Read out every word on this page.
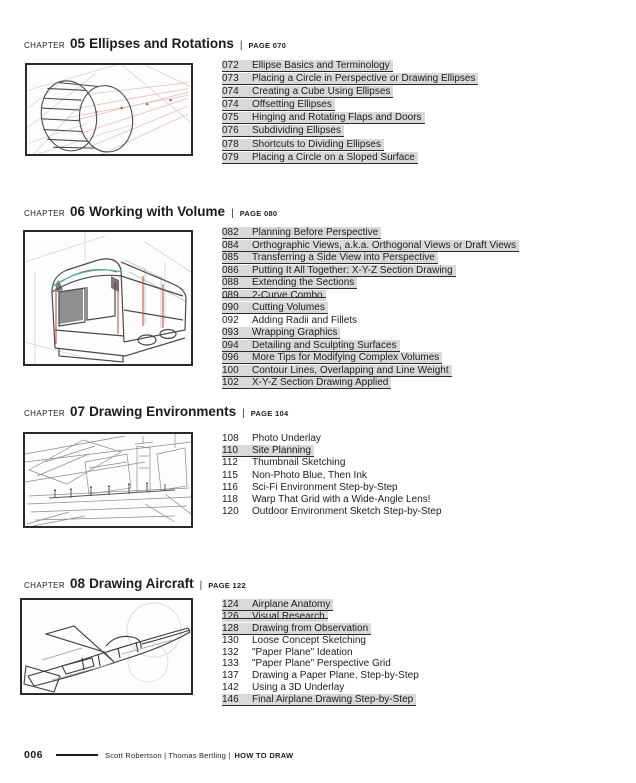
CHAPTER 05 Ellipses and Rotations | PAGE 070
072 Ellipse Basics and Terminology
073 Placing a Circle in Perspective or Drawing Ellipses
074 Creating a Cube Using Ellipses
074 Offsetting Ellipses
075 Hinging and Rotating Flaps and Doors
076 Subdividing Ellipses
078 Shortcuts to Dividing Ellipses
079 Placing a Circle on a Sloped Surface
CHAPTER 06 Working with Volume | PAGE 080
082 Planning Before Perspective
084 Orthographic Views, a.k.a. Orthogonal Views or Draft Views
085 Transferring a Side View into Perspective
086 Putting It All Together: X-Y-Z Section Drawing
088 Extending the Sections
089 2-Curve Combo
090 Cutting Volumes
092 Adding Radii and Fillets
093 Wrapping Graphics
094 Detailing and Sculpting Surfaces
096 More Tips for Modifying Complex Volumes
100 Contour Lines, Overlapping and Line Weight
102 X-Y-Z Section Drawing Applied
CHAPTER 07 Drawing Environments | PAGE 104
108 Photo Underlay
110 Site Planning
112 Thumbnail Sketching
115 Non-Photo Blue, Then Ink
116 Sci-Fi Environment Step-by-Step
118 Warp That Grid with a Wide-Angle Lens!
120 Outdoor Environment Sketch Step-by-Step
CHAPTER 08 Drawing Aircraft | PAGE 122
124 Airplane Anatomy
126 Visual Research
128 Drawing from Observation
130 Loose Concept Sketching
132 "Paper Plane" Ideation
133 "Paper Plane" Perspective Grid
137 Drawing a Paper Plane, Step-by-Step
142 Using a 3D Underlay
146 Final Airplane Drawing Step-by-Step
006	Scott Robertson | Thomas Bertling | HOW TO DRAW
